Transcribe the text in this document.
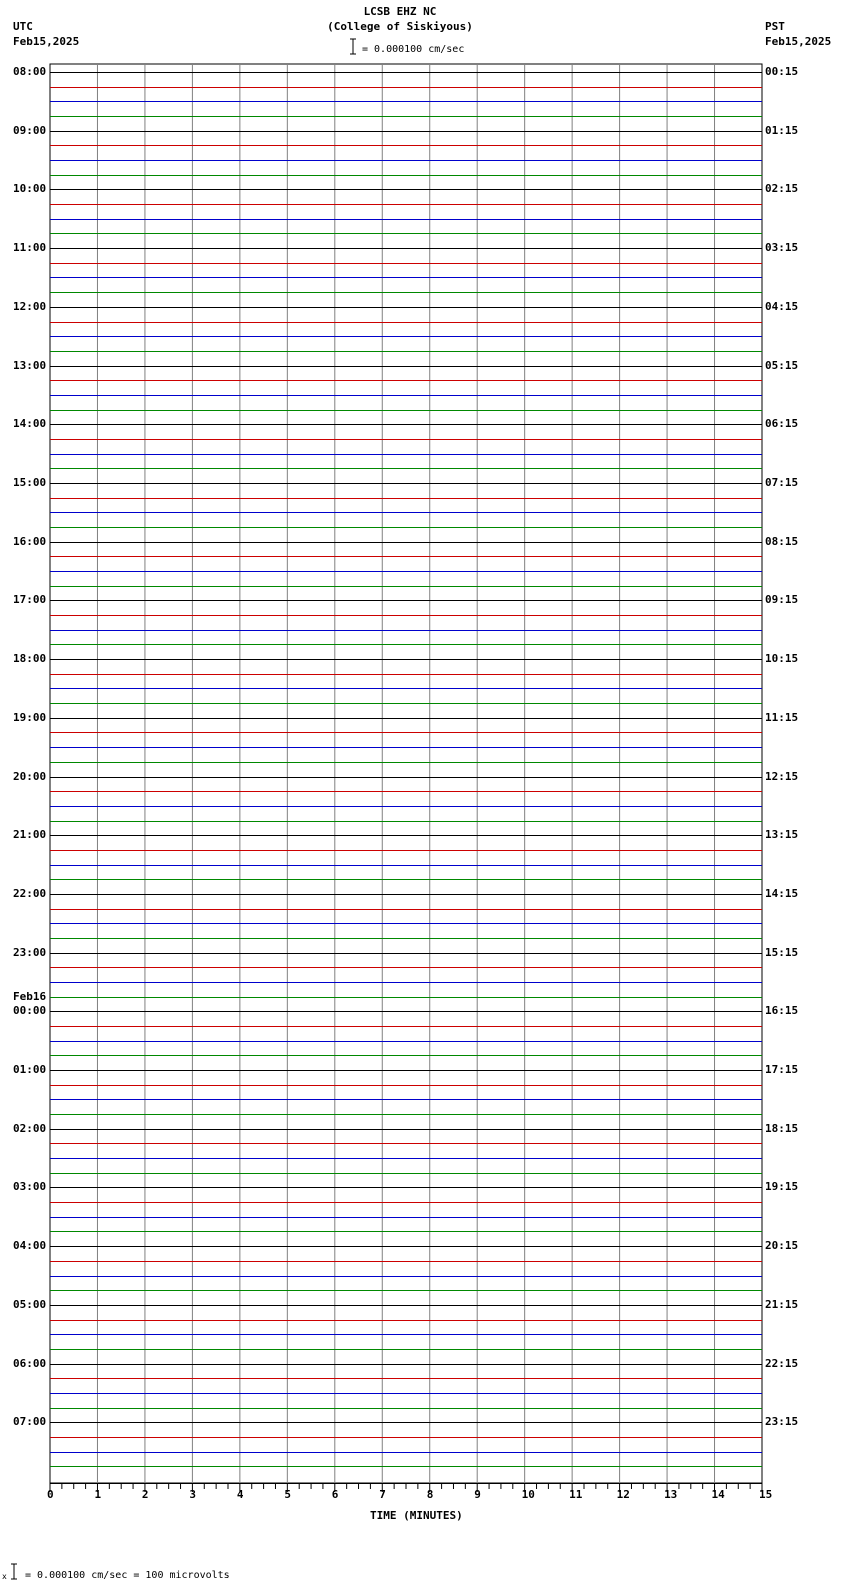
LCSB EHZ NC
(College of Siskiyous)
UTC
Feb15,2025
PST
Feb15,2025
= 0.000100 cm/sec
0	1	2	3	4	5	6	7	8	9	10	11	12	13	14	15
08:00
09:00
10:00
11:00
12:00
13:00
14:00
15:00
16:00
17:00
18:00
19:00
20:00
21:00
22:00
23:00
00:00
01:00
02:00
03:00
04:00
05:00
06:00
07:00
00:15
01:15
02:15
03:15
04:15
05:15
06:15
07:15
08:15
09:15
10:15
11:15
12:15
13:15
14:15
15:15
16:15
17:15
18:15
19:15
20:15
21:15
22:15
23:15
Feb16
TIME (MINUTES)
x = 0.000100 cm/sec = 100 microvolts
